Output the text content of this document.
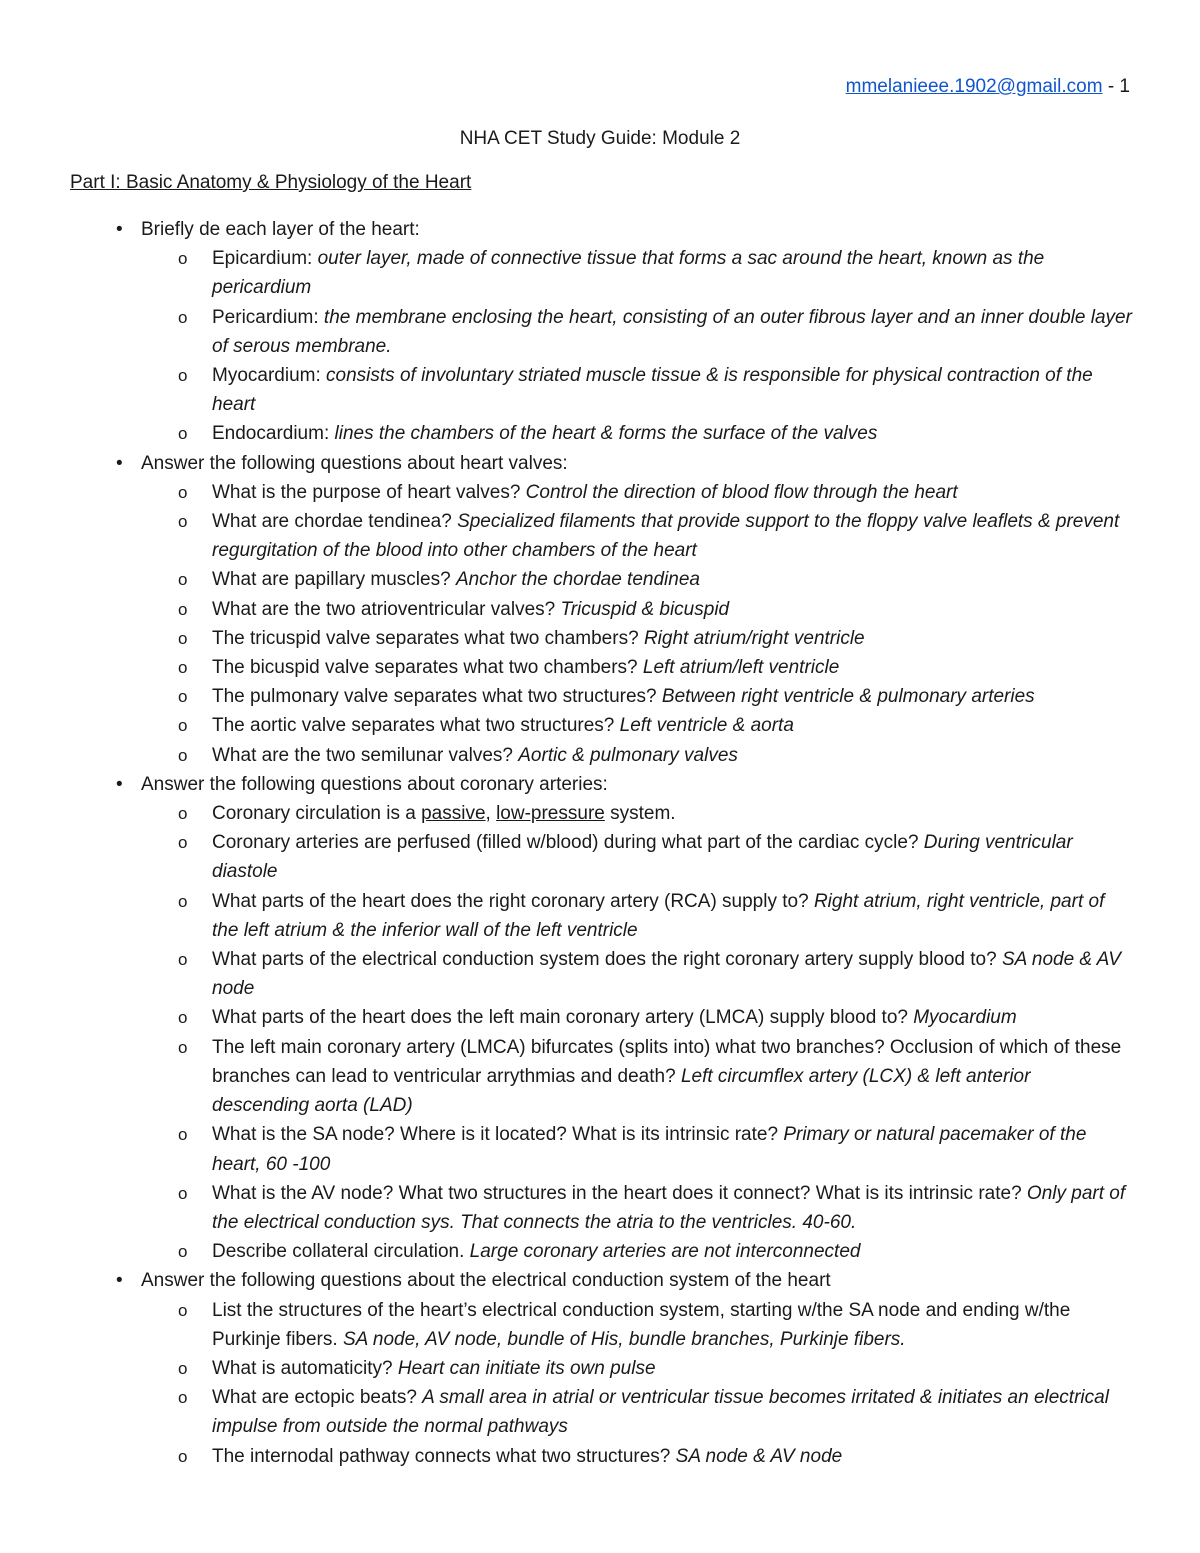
mmelanieee.1902@gmail.com - 1
NHA CET Study Guide: Module 2
Part I: Basic Anatomy & Physiology of the Heart
• Briefly de each layer of the heart:
o Epicardium: outer layer, made of connective tissue that forms a sac around the heart, known as the pericardium
o Pericardium: the membrane enclosing the heart, consisting of an outer fibrous layer and an inner double layer of serous membrane.
o Myocardium: consists of involuntary striated muscle tissue & is responsible for physical contraction of the heart
o Endocardium: lines the chambers of the heart & forms the surface of the valves
• Answer the following questions about heart valves:
o What is the purpose of heart valves? Control the direction of blood flow through the heart
o What are chordae tendinea? Specialized filaments that provide support to the floppy valve leaflets & prevent regurgitation of the blood into other chambers of the heart
o What are papillary muscles? Anchor the chordae tendinea
o What are the two atrioventricular valves? Tricuspid & bicuspid
o The tricuspid valve separates what two chambers? Right atrium/right ventricle
o The bicuspid valve separates what two chambers? Left atrium/left ventricle
o The pulmonary valve separates what two structures? Between right ventricle & pulmonary arteries
o The aortic valve separates what two structures? Left ventricle & aorta
o What are the two semilunar valves? Aortic & pulmonary valves
• Answer the following questions about coronary arteries:
o Coronary circulation is a passive, low-pressure system.
o Coronary arteries are perfused (filled w/blood) during what part of the cardiac cycle? During ventricular diastole
o What parts of the heart does the right coronary artery (RCA) supply to? Right atrium, right ventricle, part of the left atrium & the inferior wall of the left ventricle
o What parts of the electrical conduction system does the right coronary artery supply blood to? SA node & AV node
o What parts of the heart does the left main coronary artery (LMCA) supply blood to? Myocardium
o The left main coronary artery (LMCA) bifurcates (splits into) what two branches? Occlusion of which of these branches can lead to ventricular arrythmias and death? Left circumflex artery (LCX) & left anterior descending aorta (LAD)
o What is the SA node? Where is it located? What is its intrinsic rate? Primary or natural pacemaker of the heart, 60 -100
o What is the AV node? What two structures in the heart does it connect? What is its intrinsic rate? Only part of the electrical conduction sys. That connects the atria to the ventricles. 40-60.
o Describe collateral circulation. Large coronary arteries are not interconnected
• Answer the following questions about the electrical conduction system of the heart
o List the structures of the heart’s electrical conduction system, starting w/the SA node and ending w/the Purkinje fibers. SA node, AV node, bundle of His, bundle branches, Purkinje fibers.
o What is automaticity? Heart can initiate its own pulse
o What are ectopic beats? A small area in atrial or ventricular tissue becomes irritated & initiates an electrical impulse from outside the normal pathways
o The internodal pathway connects what two structures? SA node & AV node
